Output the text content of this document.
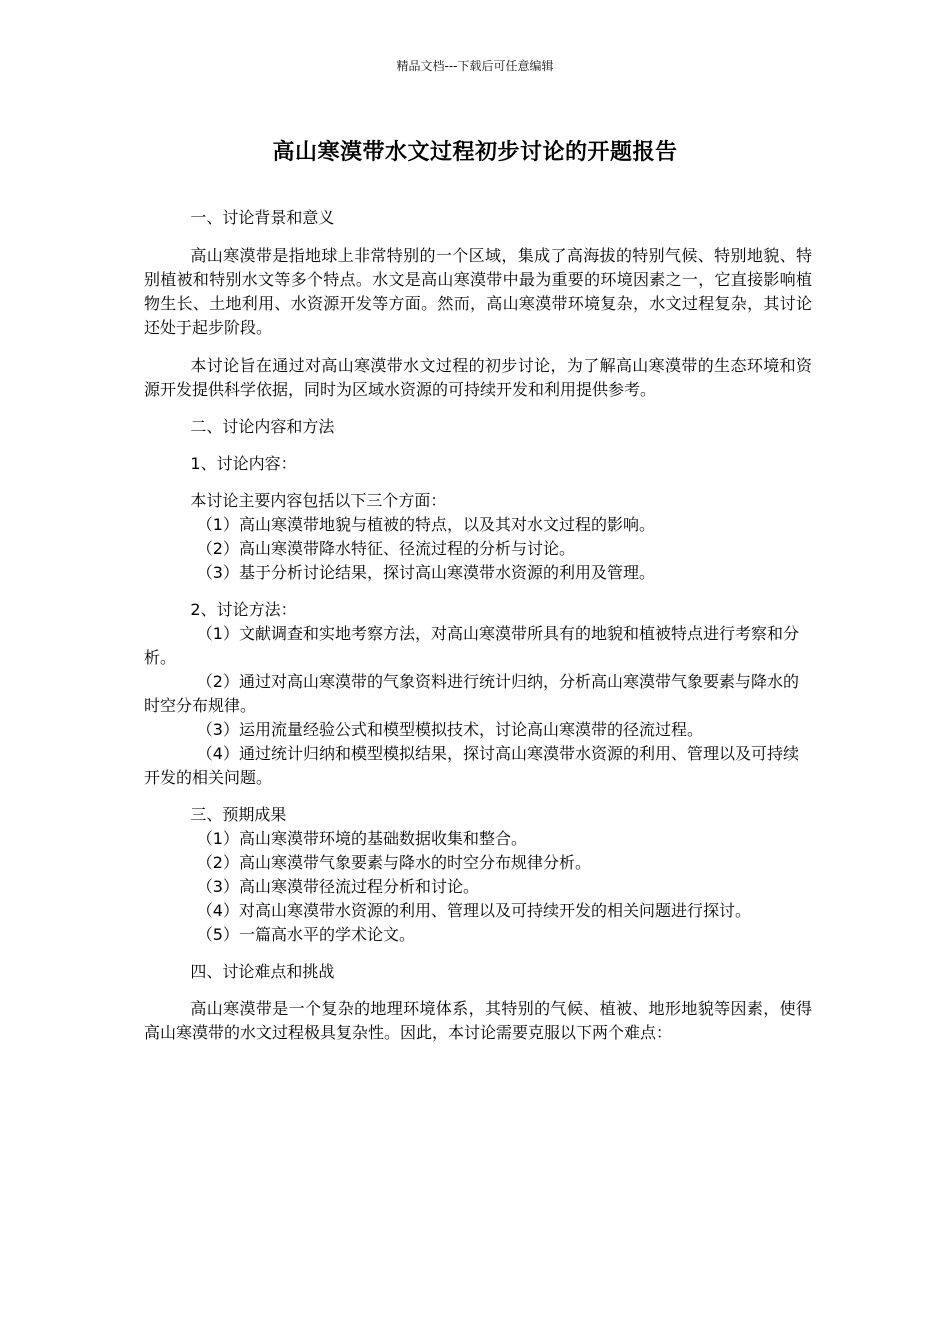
精品文档---下载后可任意编辑
高山寒漠带水文过程初步讨论的开题报告

一、讨论背景和意义

高山寒漠带是指地球上非常特别的一个区域，集成了高海拔的特别气候、特别地貌、特别植被和特别水文等多个特点。水文是高山寒漠带中最为重要的环境因素之一，它直接影响植物生长、土地利用、水资源开发等方面。然而，高山寒漠带环境复杂，水文过程复杂，其讨论还处于起步阶段。

本讨论旨在通过对高山寒漠带水文过程的初步讨论，为了解高山寒漠带的生态环境和资源开发提供科学依据，同时为区域水资源的可持续开发和利用提供参考。

二、讨论内容和方法

1、讨论内容：

本讨论主要内容包括以下三个方面：

（1）高山寒漠带地貌与植被的特点，以及其对水文过程的影响。

（2）高山寒漠带降水特征、径流过程的分析与讨论。

（3）基于分析讨论结果，探讨高山寒漠带水资源的利用及管理。

2、讨论方法：

（1）文献调查和实地考察方法，对高山寒漠带所具有的地貌和植被特点进行考察和分析。

（2）通过对高山寒漠带的气象资料进行统计归纳，分析高山寒漠带气象要素与降水的时空分布规律。

（3）运用流量经验公式和模型模拟技术，讨论高山寒漠带的径流过程。

（4）通过统计归纳和模型模拟结果，探讨高山寒漠带水资源的利用、管理以及可持续开发的相关问题。

三、预期成果

（1）高山寒漠带环境的基础数据收集和整合。

（2）高山寒漠带气象要素与降水的时空分布规律分析。

（3）高山寒漠带径流过程分析和讨论。

（4）对高山寒漠带水资源的利用、管理以及可持续开发的相关问题进行探讨。

（5）一篇高水平的学术论文。

四、讨论难点和挑战

高山寒漠带是一个复杂的地理环境体系，其特别的气候、植被、地形地貌等因素，使得高山寒漠带的水文过程极具复杂性。因此，本讨论需要克服以下两个难点：
